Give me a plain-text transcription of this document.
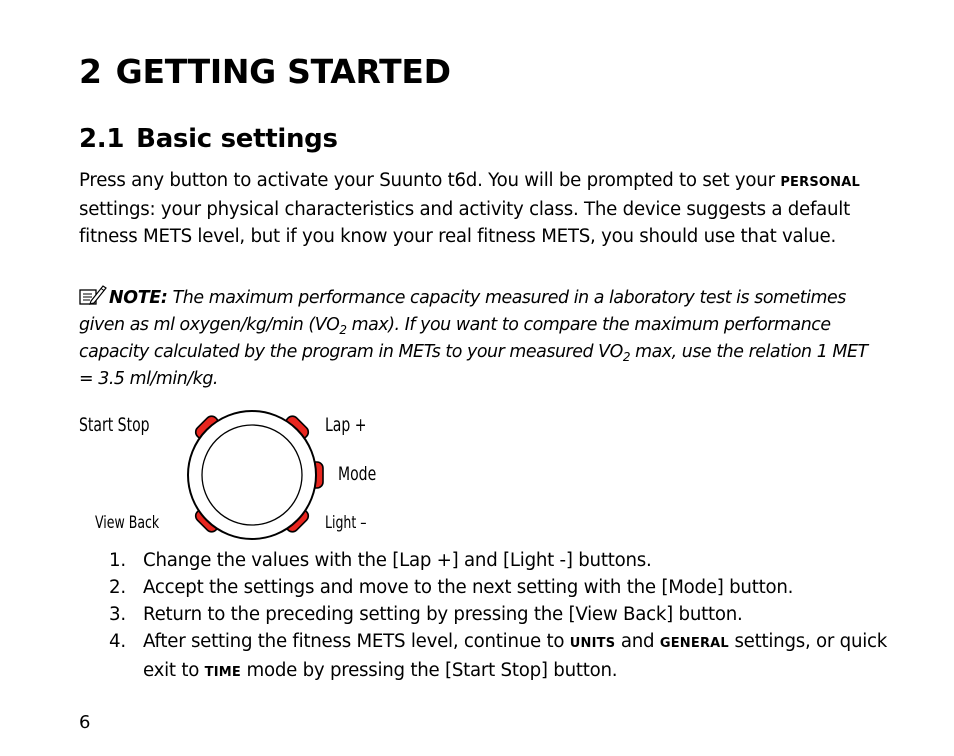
2 GETTING STARTED
2.1 Basic settings
Press any button to activate your Suunto t6d. You will be prompted to set your PERSONAL settings: your physical characteristics and activity class. The device suggests a default fitness METS level, but if you know your real fitness METS, you should use that value.
NOTE: The maximum performance capacity measured in a laboratory test is sometimes given as ml oxygen/kg/min ($VO_2$ max). If you want to compare the maximum performance capacity calculated by the program in METs to your measured $VO_2$ max, use the relation 1 MET = 3.5 ml/min/kg.
Start Stop	Lap +
Mode
View Back	Light –
1. Change the values with the [Lap +] and [Light -] buttons.
2. Accept the settings and move to the next setting with the [Mode] button.
3. Return to the preceding setting by pressing the [View Back] button.
4. After setting the fitness METS level, continue to UNITS and GENERAL settings, or quick exit to TIME mode by pressing the [Start Stop] button.
6
